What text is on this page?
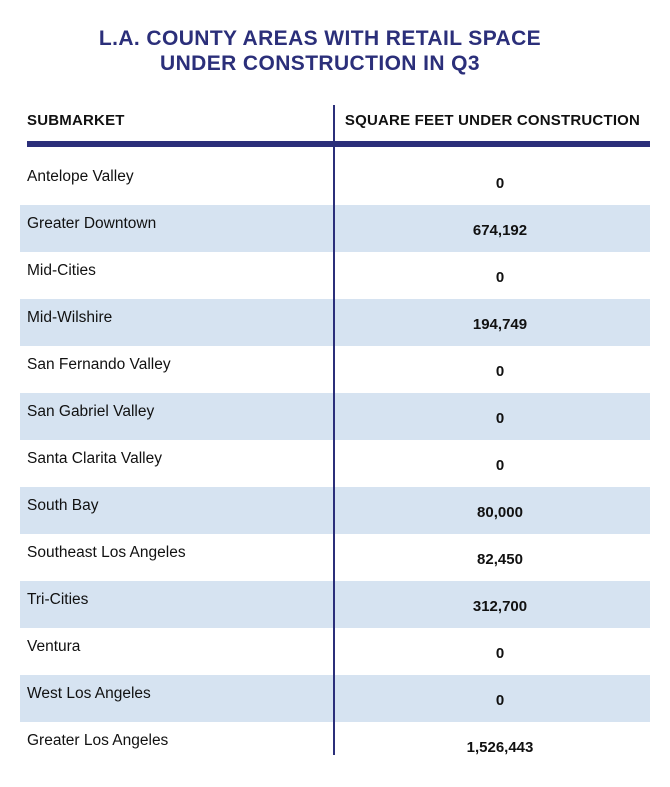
L.A. COUNTY AREAS WITH RETAIL SPACE
UNDER CONSTRUCTION IN Q3
SUBMARKET	SQUARE FEET UNDER CONSTRUCTION
Antelope Valley	0
Greater Downtown	674,192
Mid-Cities	0
Mid-Wilshire	194,749
San Fernando Valley	0
San Gabriel Valley	0
Santa Clarita Valley	0
South Bay	80,000
Southeast Los Angeles	82,450
Tri-Cities	312,700
Ventura	0
West Los Angeles	0
Greater Los Angeles	1,526,443
